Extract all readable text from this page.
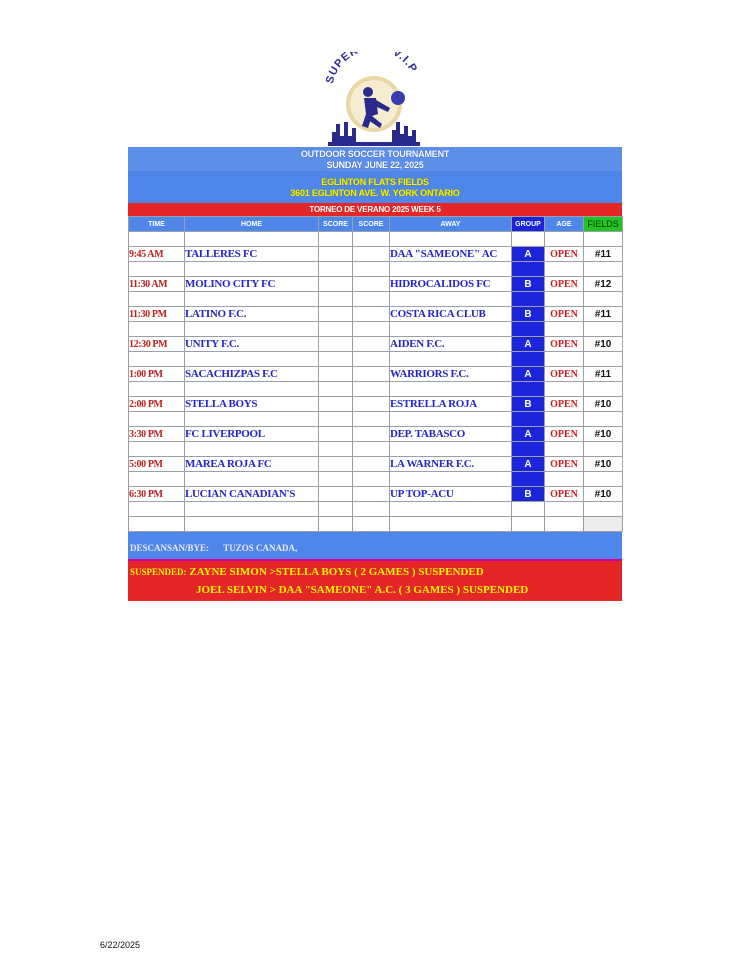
SUPE V.I.P
OUTDOOR SOCCER TOURNAMENT
SUNDAY JUNE 22, 2025
EGLINTON FLATS FIELDS
3601 EGLINTON AVE. W. YORK ONTARIO
TORNEO DE VERANO 2025 WEEK 5
TIME	HOME	SCORE	SCORE	AWAY	GROUP	AGE	FIELDS

9:45 AM	TALLERES FC			DAA "SAMEONE" AC	A	OPEN	#11

11:30 AM	MOLINO CITY FC			HIDROCALIDOS FC	B	OPEN	#12

11:30 PM	LATINO F.C.			COSTA RICA CLUB	B	OPEN	#11

12:30 PM	UNITY F.C.			AIDEN F.C.	A	OPEN	#10

1:00 PM	SACACHIZPAS F.C			WARRIORS F.C.	A	OPEN	#11

2:00 PM	STELLA BOYS			ESTRELLA ROJA	B	OPEN	#10

3:30 PM	FC LIVERPOOL			DEP. TABASCO	A	OPEN	#10

5:00 PM	MAREA ROJA FC			LA WARNER F.C.	A	OPEN	#10

6:30 PM	LUCIAN CANADIAN'S			UP TOP-ACU	B	OPEN	#10

DESCANSAN/BYE: TUZOS CANADA,
SUSPENDED: ZAYNE SIMON >STELLA BOYS ( 2 GAMES ) SUSPENDED
JOEL SELVIN > DAA "SAMEONE" A.C. ( 3 GAMES ) SUSPENDED
6/22/2025
